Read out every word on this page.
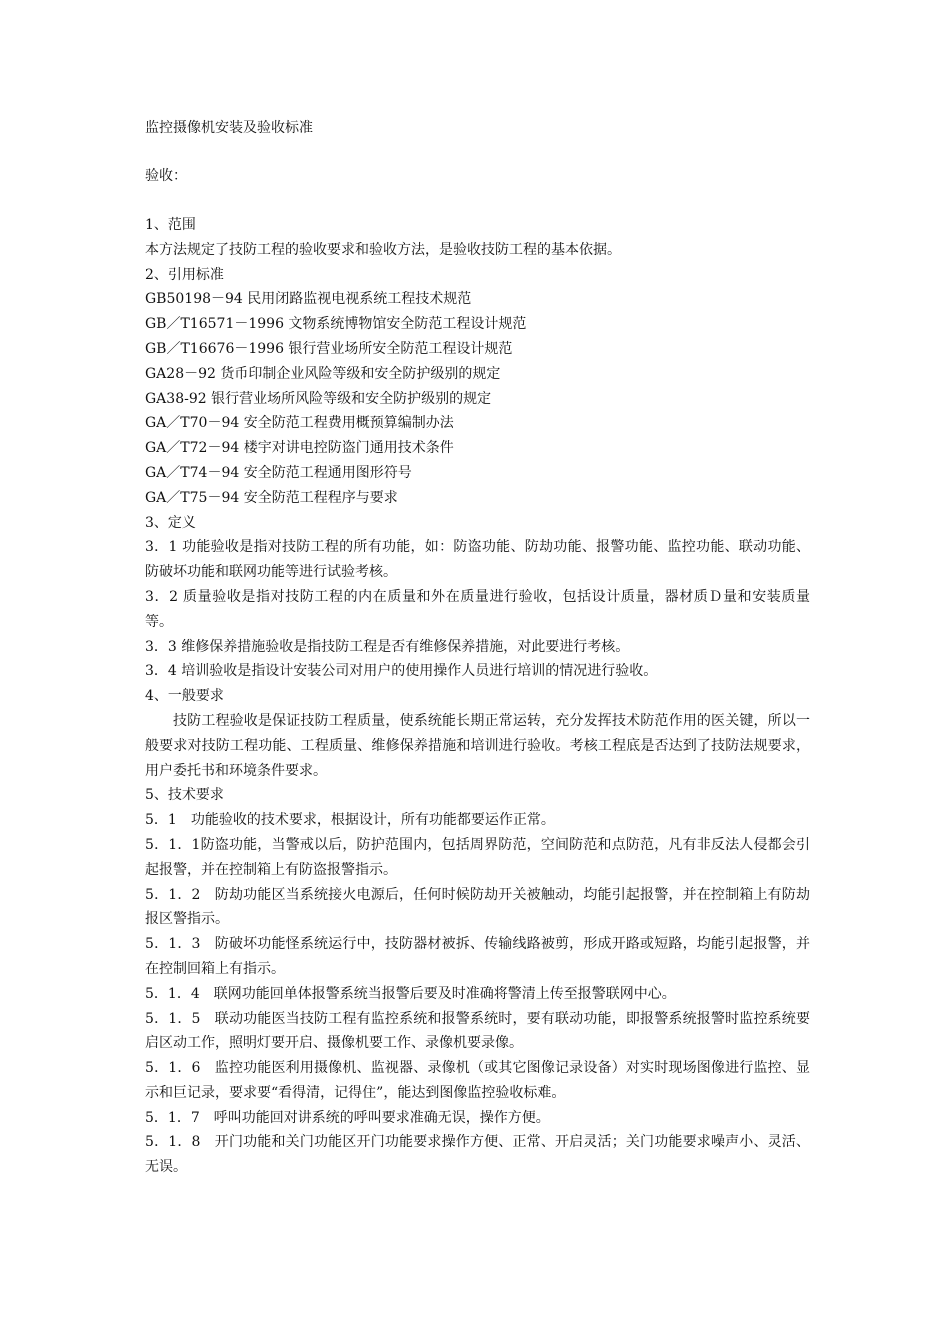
监控摄像机安装及验收标准
验收：

1、范围

本方法规定了技防工程的验收要求和验收方法，是验收技防工程的基本依据。

2、引用标准

GB50198－94 民用闭路监视电视系统工程技术规范

GB／T16571－1996 文物系统博物馆安全防范工程设计规范

GB／T16676－1996 银行营业场所安全防范工程设计规范

GA28－92 货币印制企业风险等级和安全防护级别的规定

GA38-92 银行营业场所风险等级和安全防护级别的规定

GA／T70－94 安全防范工程费用概预算编制办法

GA／T72－94 楼宇对讲电控防盗门通用技术条件

GA／T74－94 安全防范工程通用图形符号

GA／T75－94 安全防范工程程序与要求

3、定义

3．1 功能验收是指对技防工程的所有功能，如：防盗功能、防劫功能、报警功能、监控功能、联动功能、防破坏功能和联网功能等进行试验考核。

3．2 质量验收是指对技防工程的内在质量和外在质量进行验收，包括设计质量，器材质Ｄ量和安装质量等。

3．3 维修保养措施验收是指技防工程是否有维修保养措施，对此要进行考核。

3．4 培训验收是指设计安装公司对用户的使用操作人员进行培训的情况进行验收。

4、一般要求

技防工程验收是保证技防工程质量，使系统能长期正常运转，充分发挥技术防范作用的医关键，所以一般要求对技防工程功能、工程质量、维修保养措施和培训进行验收。考核工程底是否达到了技防法规要求，用户委托书和环境条件要求。

5、技术要求

5．1　功能验收的技术要求，根据设计，所有功能都要运作正常。

5．1．1防盗功能，当警戒以后，防护范围内，包括周界防范，空间防范和点防范，凡有非反法人侵都会引起报警，并在控制箱上有防盗报警指示。

5．1．2　防劫功能区当系统接火电源后，任何时候防劫开关被触动，均能引起报警，并在控制箱上有防劫报区警指示。

5．1．3　防破坏功能怪系统运行中，技防器材被拆、传输线路被剪，形成开路或短路，均能引起报警，并在控制回箱上有指示。

5．1．4　联网功能回单体报警系统当报警后要及时准确将警清上传至报警联网中心。

5．1．5　联动功能医当技防工程有监控系统和报警系统时，要有联动功能，即报警系统报警时监控系统要启区动工作，照明灯要开启、摄像机要工作、录像机要录像。

5．1．6　监控功能医利用摄像机、监视器、录像机（或其它图像记录设备）对实时现场图像进行监控、显示和巨记录，要求要“看得清，记得住”，能达到图像监控验收标难。

5．1．7　呼叫功能回对讲系统的呼叫要求准确无误，操作方便。

5．1．8　开门功能和关门功能区开门功能要求操作方便、正常、开启灵活；关门功能要求噪声小、灵活、无误。
